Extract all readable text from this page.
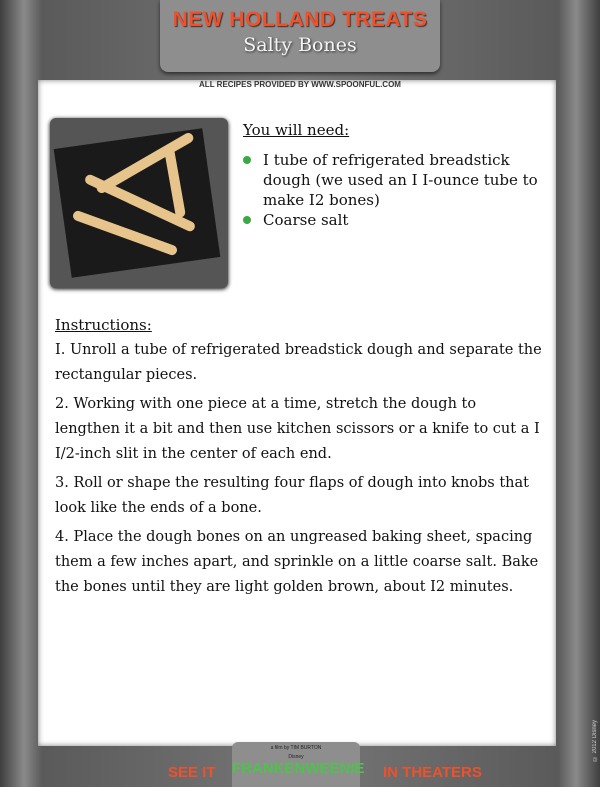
NEW HOLLAND TREATS
Salty Bones
ALL RECIPES PROVIDED BY WWW.SPOONFUL.COM
You will need:
I tube of refrigerated breadstick dough (we used an I I-ounce tube to make I2 bones)
Coarse salt
Instructions:

I. Unroll a tube of refrigerated breadstick dough and separate the rectangular pieces.

2. Working with one piece at a time, stretch the dough to lengthen it a bit and then use kitchen scissors or a knife to cut a I I/2-inch slit in the center of each end.

3. Roll or shape the resulting four flaps of dough into knobs that look like the ends of a bone.

4. Place the dough bones on an ungreased baking sheet, spacing them a few inches apart, and sprinkle on a little coarse salt. Bake the bones until they are light golden brown, about I2 minutes.

SEE IT
a film by TIM BURTON
Disney
FRANKENWEENIE IN THEATERS
© 2012 Disney
